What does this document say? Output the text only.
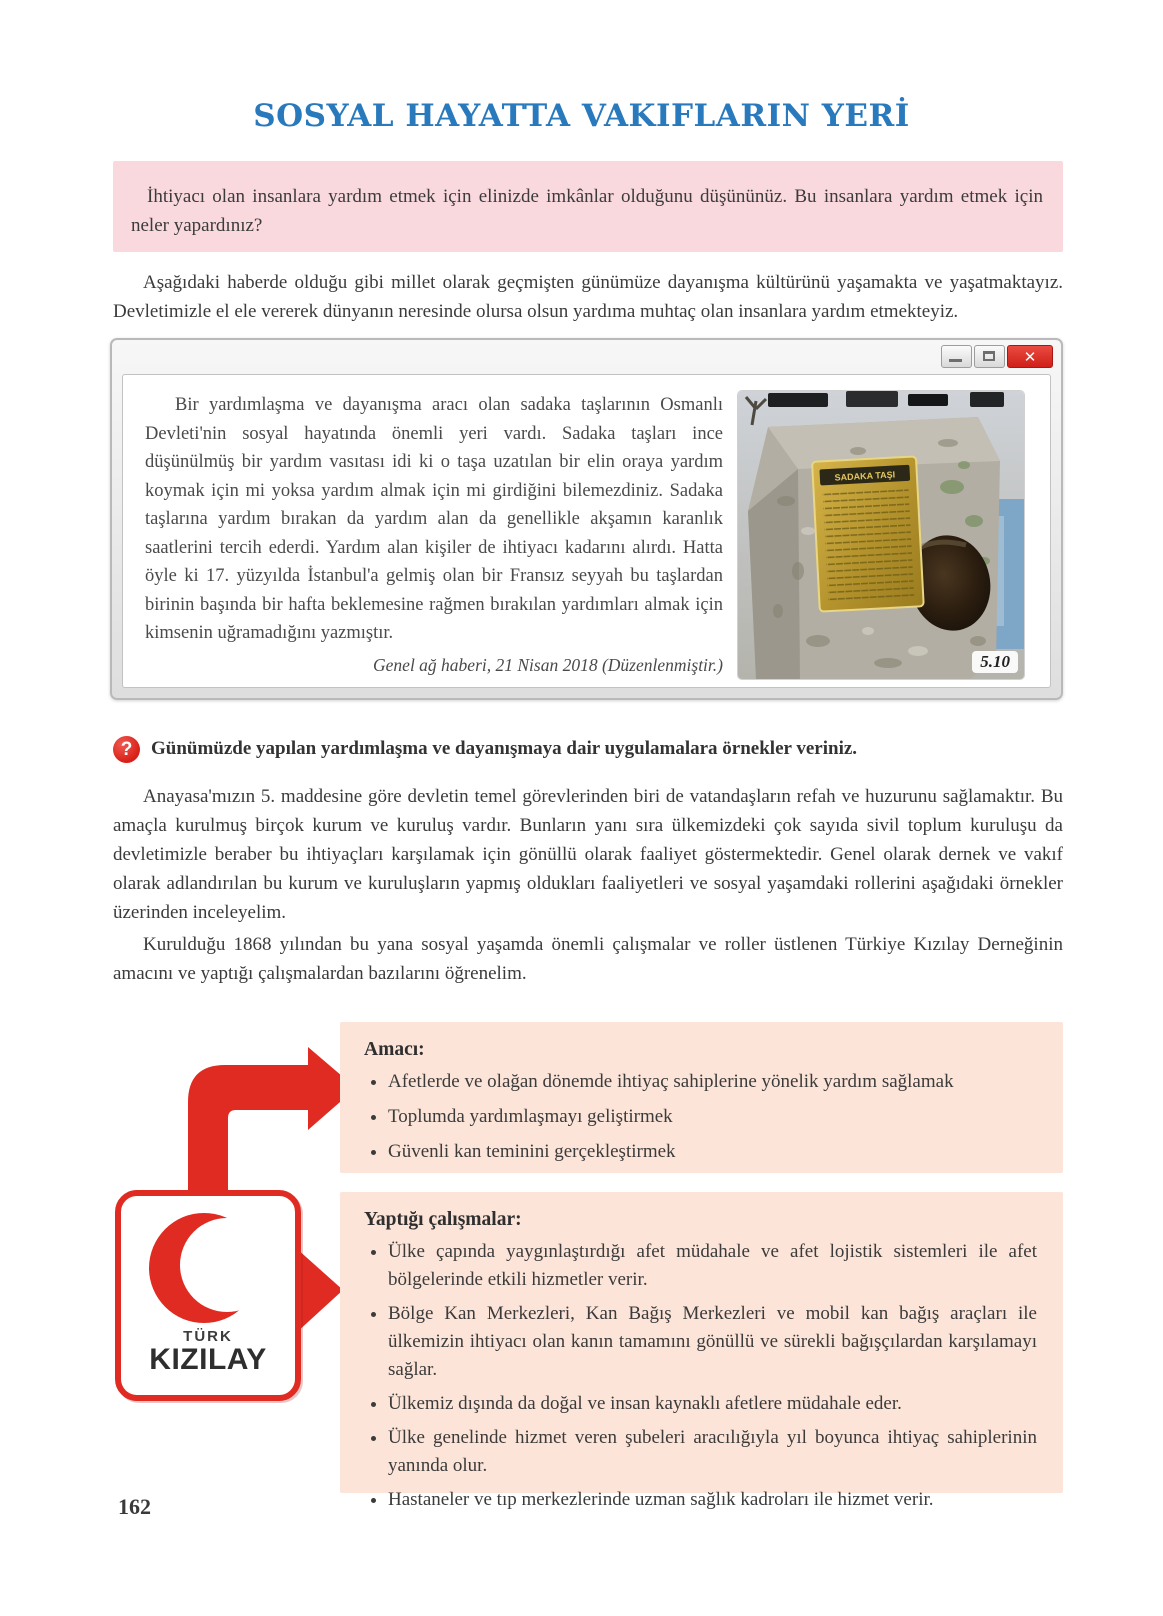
SOSYAL HAYATTA VAKIFLARIN YERİ

İhtiyacı olan insanlara yardım etmek için elinizde imkânlar olduğunu düşününüz. Bu insanlara yardım etmek için neler yapardınız?

Aşağıdaki haberde olduğu gibi millet olarak geçmişten günümüze dayanışma kültürünü yaşamakta ve yaşatmaktayız. Devletimizle el ele vererek dünyanın neresinde olursa olsun yardıma muhtaç olan insanlara yardım etmekteyiz.

✕

Bir yardımlaşma ve dayanışma aracı olan sadaka taşlarının Osmanlı Devleti'nin sosyal hayatında önemli yeri vardı. Sadaka taşları ince düşünülmüş bir yardım vasıtası idi ki o taşa uzatılan bir elin oraya yardım koymak için mi yoksa yardım almak için mi girdiğini bilemezdiniz. Sadaka taşlarına yardım bırakan da yardım alan da genellikle akşamın karanlık saatlerini tercih ederdi. Yardım alan kişiler de ihtiyacı kadarını alırdı. Hatta öyle ki 17. yüzyılda İstanbul'a gelmiş olan bir Fransız seyyah bu taşlardan birinin başında bir hafta beklemesine rağmen bırakılan yardımları almak için kimsenin uğramadığını yazmıştır.

Genel ağ haberi, 21 Nisan 2018 (Düzenlenmiştir.)

SADAKA TAŞI
5.10
? Günümüzde yapılan yardımlaşma ve dayanışmaya dair uygulamalara örnekler veriniz.

Anayasa'mızın 5. maddesine göre devletin temel görevlerinden biri de vatandaşların refah ve huzurunu sağlamaktır. Bu amaçla kurulmuş birçok kurum ve kuruluş vardır. Bunların yanı sıra ülkemizdeki çok sayıda sivil toplum kuruluşu da devletimizle beraber bu ihtiyaçları karşılamak için gönüllü olarak faaliyet göstermektedir. Genel olarak dernek ve vakıf olarak adlandırılan bu kurum ve kuruluşların yapmış oldukları faaliyetleri ve sosyal yaşamdaki rollerini aşağıdaki örnekler üzerinden inceleyelim.

Kurulduğu 1868 yılından bu yana sosyal yaşamda önemli çalışmalar ve roller üstlenen Türkiye Kızılay Derneğinin amacını ve yaptığı çalışmalardan bazılarını öğrenelim.

Amacı:
• Afetlerde ve olağan dönemde ihtiyaç sahiplerine yönelik yardım sağlamak
• Toplumda yardımlaşmayı geliştirmek
• Güvenli kan teminini gerçekleştirmek
Yaptığı çalışmalar:
• Ülke çapında yaygınlaştırdığı afet müdahale ve afet lojistik sistemleri ile afet bölgelerinde etkili hizmetler verir.
• Bölge Kan Merkezleri, Kan Bağış Merkezleri ve mobil kan bağış araçları ile ülkemizin ihtiyacı olan kanın tamamını gönüllü ve sürekli bağışçılardan karşılamayı sağlar.
• Ülkemiz dışında da doğal ve insan kaynaklı afetlere müdahale eder.
• Ülke genelinde hizmet veren şubeleri aracılığıyla yıl boyunca ihtiyaç sahiplerinin yanında olur.
• Hastaneler ve tıp merkezlerinde uzman sağlık kadroları ile hizmet verir.

TÜRK

KIZILAY

162
